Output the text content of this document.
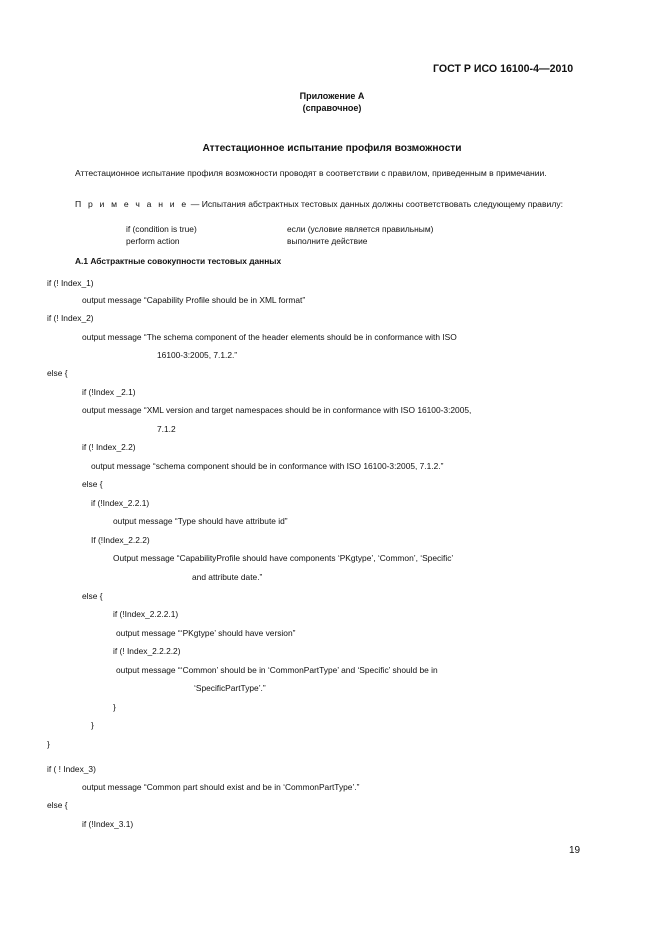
ГОСТ Р ИСО 16100-4—2010
Приложение A
(справочное)
Аттестационное испытание профиля возможности
Аттестационное испытание профиля возможности проводят в соответствии с правилом, приведенным в примечании.
П р и м е ч а н и е — Испытания абстрактных тестовых данных должны соответствовать следующему правилу:
if (condition is true)	если (условие является правильным)
perform action	выполните действие
A.1 Абстрактные совокупности тестовых данных
if (! Index_1)
output message “Capability Profile should be in XML format”
if (! Index_2)
output message “The schema component of the header elements should be in conformance with ISO
16100-3:2005, 7.1.2.”
else {
if (!Index _2.1)
output message “XML version and target namespaces should be in conformance with ISO 16100-3:2005,
7.1.2
if (! Index_2.2)
output message “schema component should be in conformance with ISO 16100-3:2005, 7.1.2.”
else {
if (!Index_2.2.1)
output message “Type should have attribute id”
If (!Index_2.2.2)
Output message “CapabilityProfile should have components ‘PKgtype’, ‘Common’, ‘Specific’
and attribute date.”
else {
if (!Index_2.2.2.1)
output message “‘PKgtype’ should have version”
if (! Index_2.2.2.2)
output message “‘Common’ should be in ‘CommonPartType’ and ‘Specific’ should be in
‘SpecificPartType’.”
}
}
}
if ( ! Index_3)
output message “Common part should exist and be in ‘CommonPartType’.”
else {
if (!Index_3.1)
19
